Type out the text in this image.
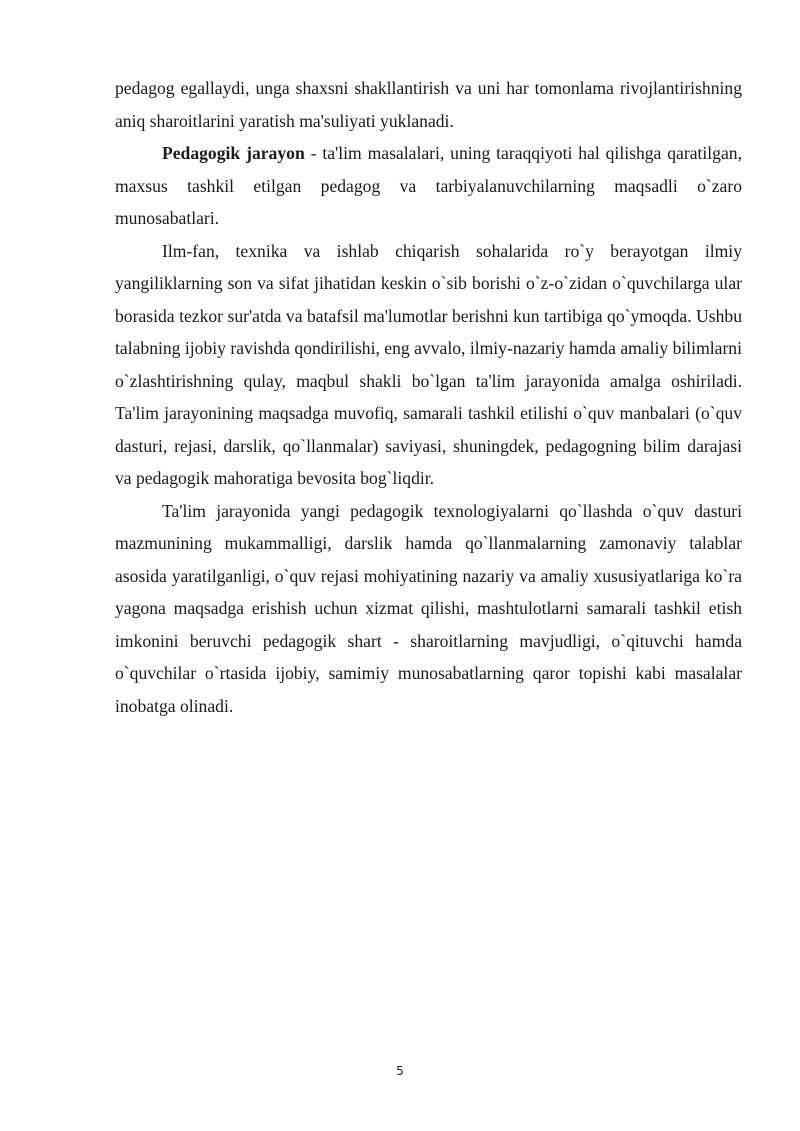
pedagog egallaydi, unga shaxsni shakllantirish va uni har tomonlama rivojlantirishning aniq sharoitlarini yaratish ma'suliyati yuklanadi.

Pedagogik jarayon - ta'lim masalalari, uning taraqqiyoti hal qilishga qaratilgan, maxsus tashkil etilgan pedagog va tarbiyalanuvchilarning maqsadli o`zaro munosabatlari.

Ilm-fan, texnika va ishlab chiqarish sohalarida ro`y berayotgan ilmiy yangiliklarning son va sifat jihatidan keskin o`sib borishi o`z-o`zidan o`quvchilarga ular borasida tezkor sur'atda va batafsil ma'lumotlar berishni kun tartibiga qo`ymoqda. Ushbu talabning ijobiy ravishda qondirilishi, eng avvalo, ilmiy-nazariy hamda amaliy bilimlarni o`zlashtirishning qulay, maqbul shakli bo`lgan ta'lim jarayonida amalga oshiriladi. Ta'lim jarayonining maqsadga muvofiq, samarali tashkil etilishi o`quv manbalari (o`quv dasturi, rejasi, darslik, qo`llanmalar) saviyasi, shuningdek, pedagogning bilim darajasi va pedagogik mahoratiga bevosita bog`liqdir.

Ta'lim jarayonida yangi pedagogik texnologiyalarni qo`llashda o`quv dasturi mazmunining mukammalligi, darslik hamda qo`llanmalarning zamonaviy talablar asosida yaratilganligi, o`quv rejasi mohiyatining nazariy va amaliy xususiyatlariga ko`ra yagona maqsadga erishish uchun xizmat qilishi, mashtulotlarni samarali tashkil etish imkonini beruvchi pedagogik shart - sharoitlarning mavjudligi, o`qituvchi hamda o`quvchilar o`rtasida ijobiy, samimiy munosabatlarning qaror topishi kabi masalalar inobatga olinadi.

5
